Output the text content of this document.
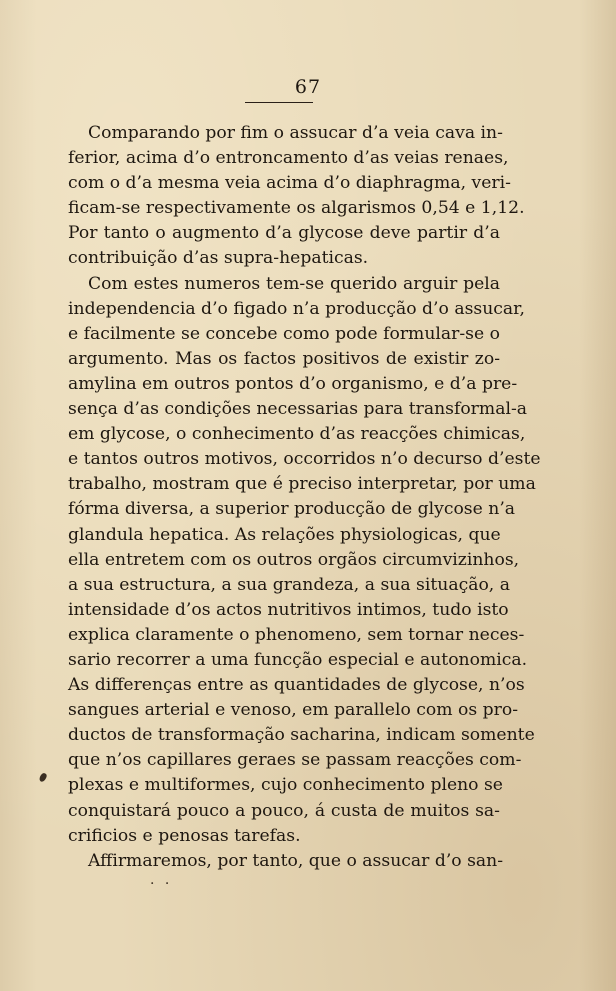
67
Comparando por fim o assucar d’a veia cava in-
ferior, acima d’o entroncamento d’as veias renaes,
com o d’a mesma veia acima d’o diaphragma, veri-
ficam-se respectivamente os algarismos 0,54 e 1,12.
Por tanto o augmento d’a glycose deve partir d’a
contribuição d’as supra-hepaticas.
Com estes numeros tem-se querido arguir pela
independencia d’o figado n’a producção d’o assucar,
e facilmente se concebe como pode formular-se o
argumento. Mas os factos positivos de existir zo-
amylina em outros pontos d’o organismo, e d’a pre-
sença d’as condições necessarias para transformal-a
em glycose, o conhecimento d’as reacções chimicas,
e tantos outros motivos, occorridos n’o decurso d’este
trabalho, mostram que é preciso interpretar, por uma
fórma diversa, a superior producção de glycose n’a
glandula hepatica. As relações physiologicas, que
ella entretem com os outros orgãos circumvizinhos,
a sua estructura, a sua grandeza, a sua situação, a
intensidade d’os actos nutritivos intimos, tudo isto
explica claramente o phenomeno, sem tornar neces-
sario recorrer a uma funcção especial e autonomica.
As differenças entre as quantidades de glycose, n’os
sangues arterial e venoso, em parallelo com os pro-
ductos de transformação sacharina, indicam somente
que n’os capillares geraes se passam reacções com-
plexas e multiformes, cujo conhecimento pleno se
conquistará pouco a pouco, á custa de muitos sa-
crificios e penosas tarefas.
Affirmaremos, por tanto, que o assucar d’o san-
· ·
